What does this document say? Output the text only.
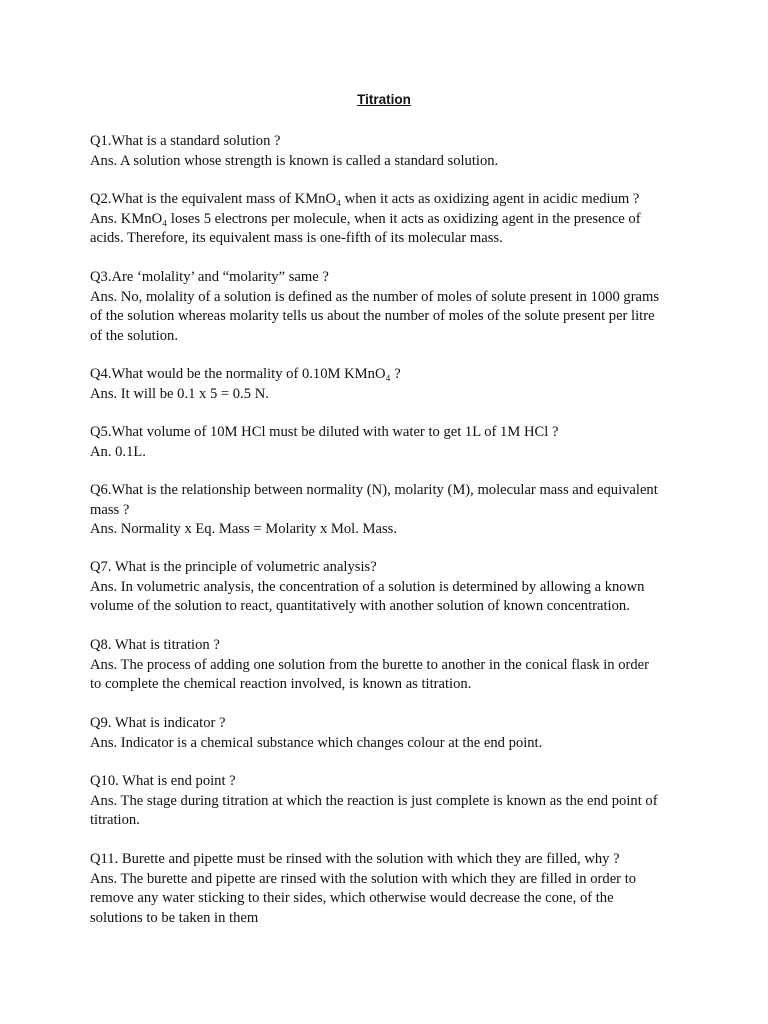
Titration

Q1.What is a standard solution ?

Ans. A solution whose strength is known is called a standard solution.

Q2.What is the equivalent mass of KMnO₄ when it acts as oxidizing agent in acidic medium ?

Ans. KMnO₄ loses 5 electrons per molecule, when it acts as oxidizing agent in the presence of

acids. Therefore, its equivalent mass is one-fifth of its molecular mass.

Q3.Are ‘molality’ and “molarity” same ?

Ans. No, molality of a solution is defined as the number of moles of solute present in 1000 grams

of the solution whereas molarity tells us about the number of moles of the solute present per litre

of the solution.

Q4.What would be the normality of 0.10M KMnO₄ ?

Ans. It will be 0.1 x 5 = 0.5 N.

Q5.What volume of 10M HCl must be diluted with water to get 1L of 1M HCl ?

An. 0.1L.

Q6.What is the relationship between normality (N), molarity (M), molecular mass and equivalent

mass ?

Ans. Normality x Eq. Mass = Molarity x Mol. Mass.

Q7. What is the principle of volumetric analysis?

Ans. In volumetric analysis, the concentration of a solution is determined by allowing a known

volume of the solution to react, quantitatively with another solution of known concentration.

Q8. What is titration ?

Ans. The process of adding one solution from the burette to another in the conical flask in order

to complete the chemical reaction involved, is known as titration.

Q9. What is indicator ?

Ans. Indicator is a chemical substance which changes colour at the end point.

Q10. What is end point ?

Ans. The stage during titration at which the reaction is just complete is known as the end point of

titration.

Q11. Burette and pipette must be rinsed with the solution with which they are filled, why ?

Ans. The burette and pipette are rinsed with the solution with which they are filled in order to

remove any water sticking to their sides, which otherwise would decrease the cone, of the

solutions to be taken in them
